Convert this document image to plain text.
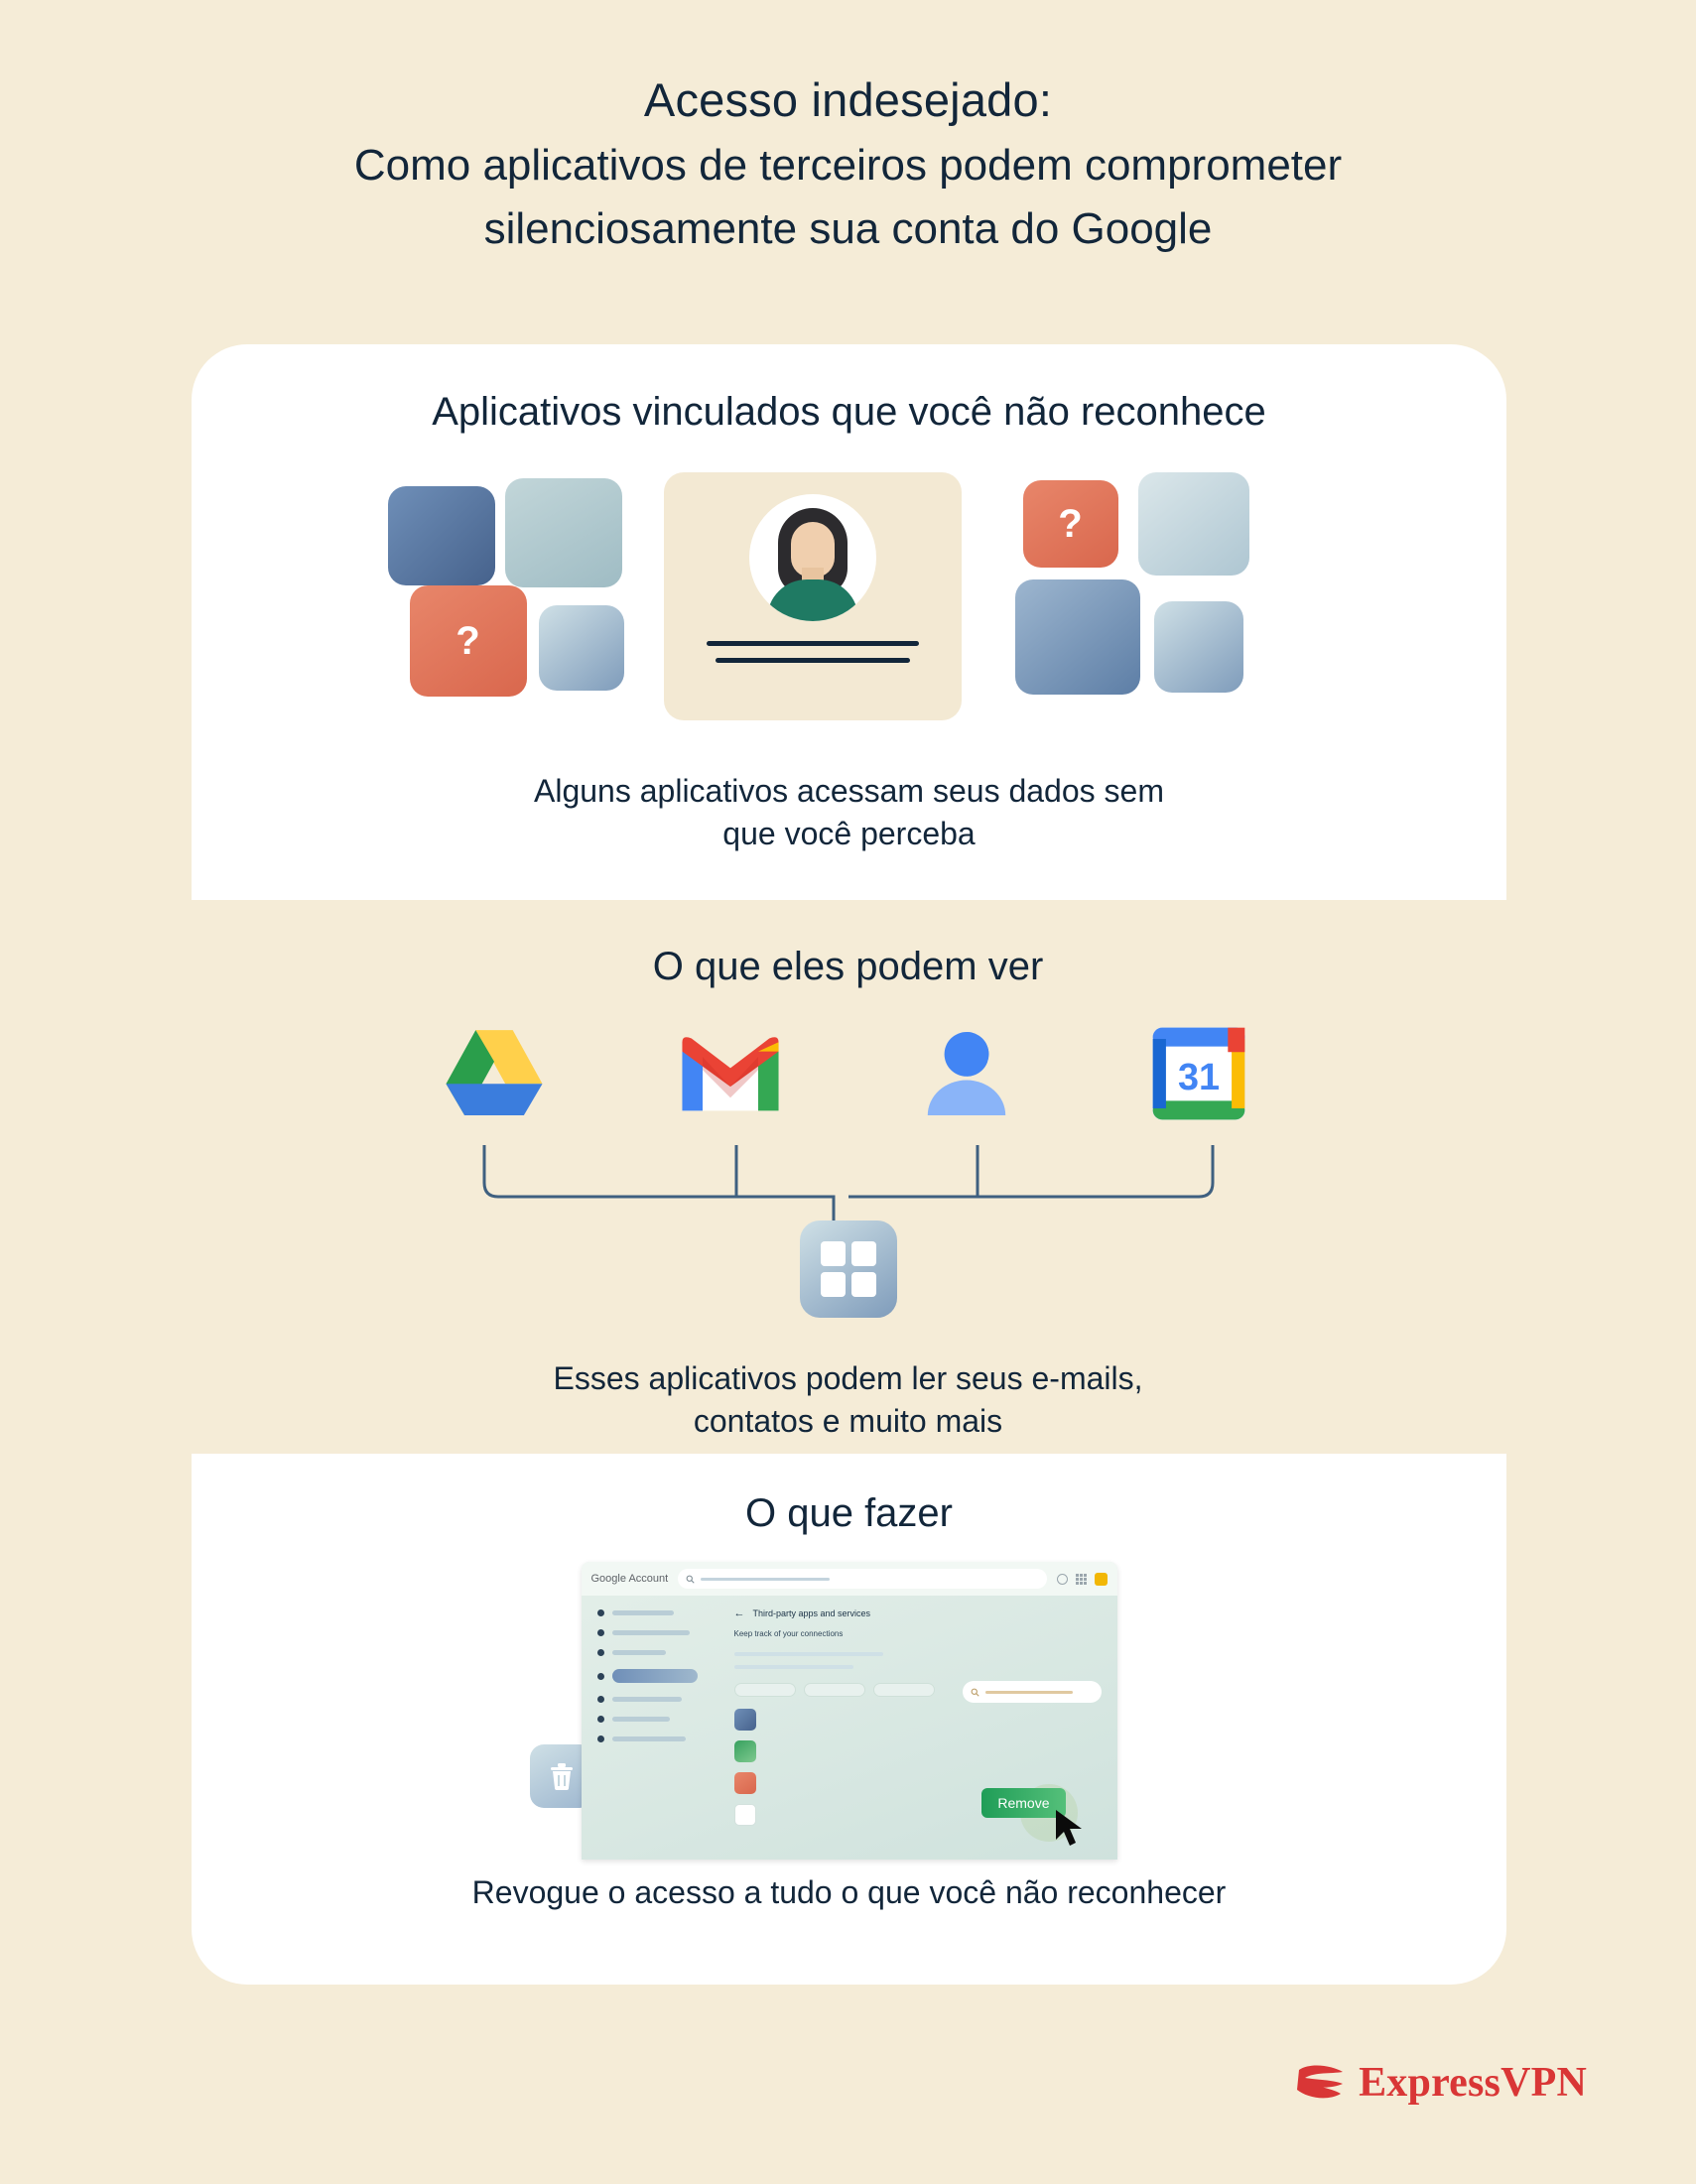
Acesso indesejado:
Como aplicativos de terceiros podem comprometer
silenciosamente sua conta do Google
Aplicativos vinculados que você não reconhece
?
?
Alguns aplicativos acessam seus dados sem
que você perceba
O que eles podem ver
31
Esses aplicativos podem ler seus e-mails,
contatos e muito mais
O que fazer
Google Account
← Third-party apps and services
Keep track of your connections
Remove
Revogue o acesso a tudo o que você não reconhecer
ExpressVPN
